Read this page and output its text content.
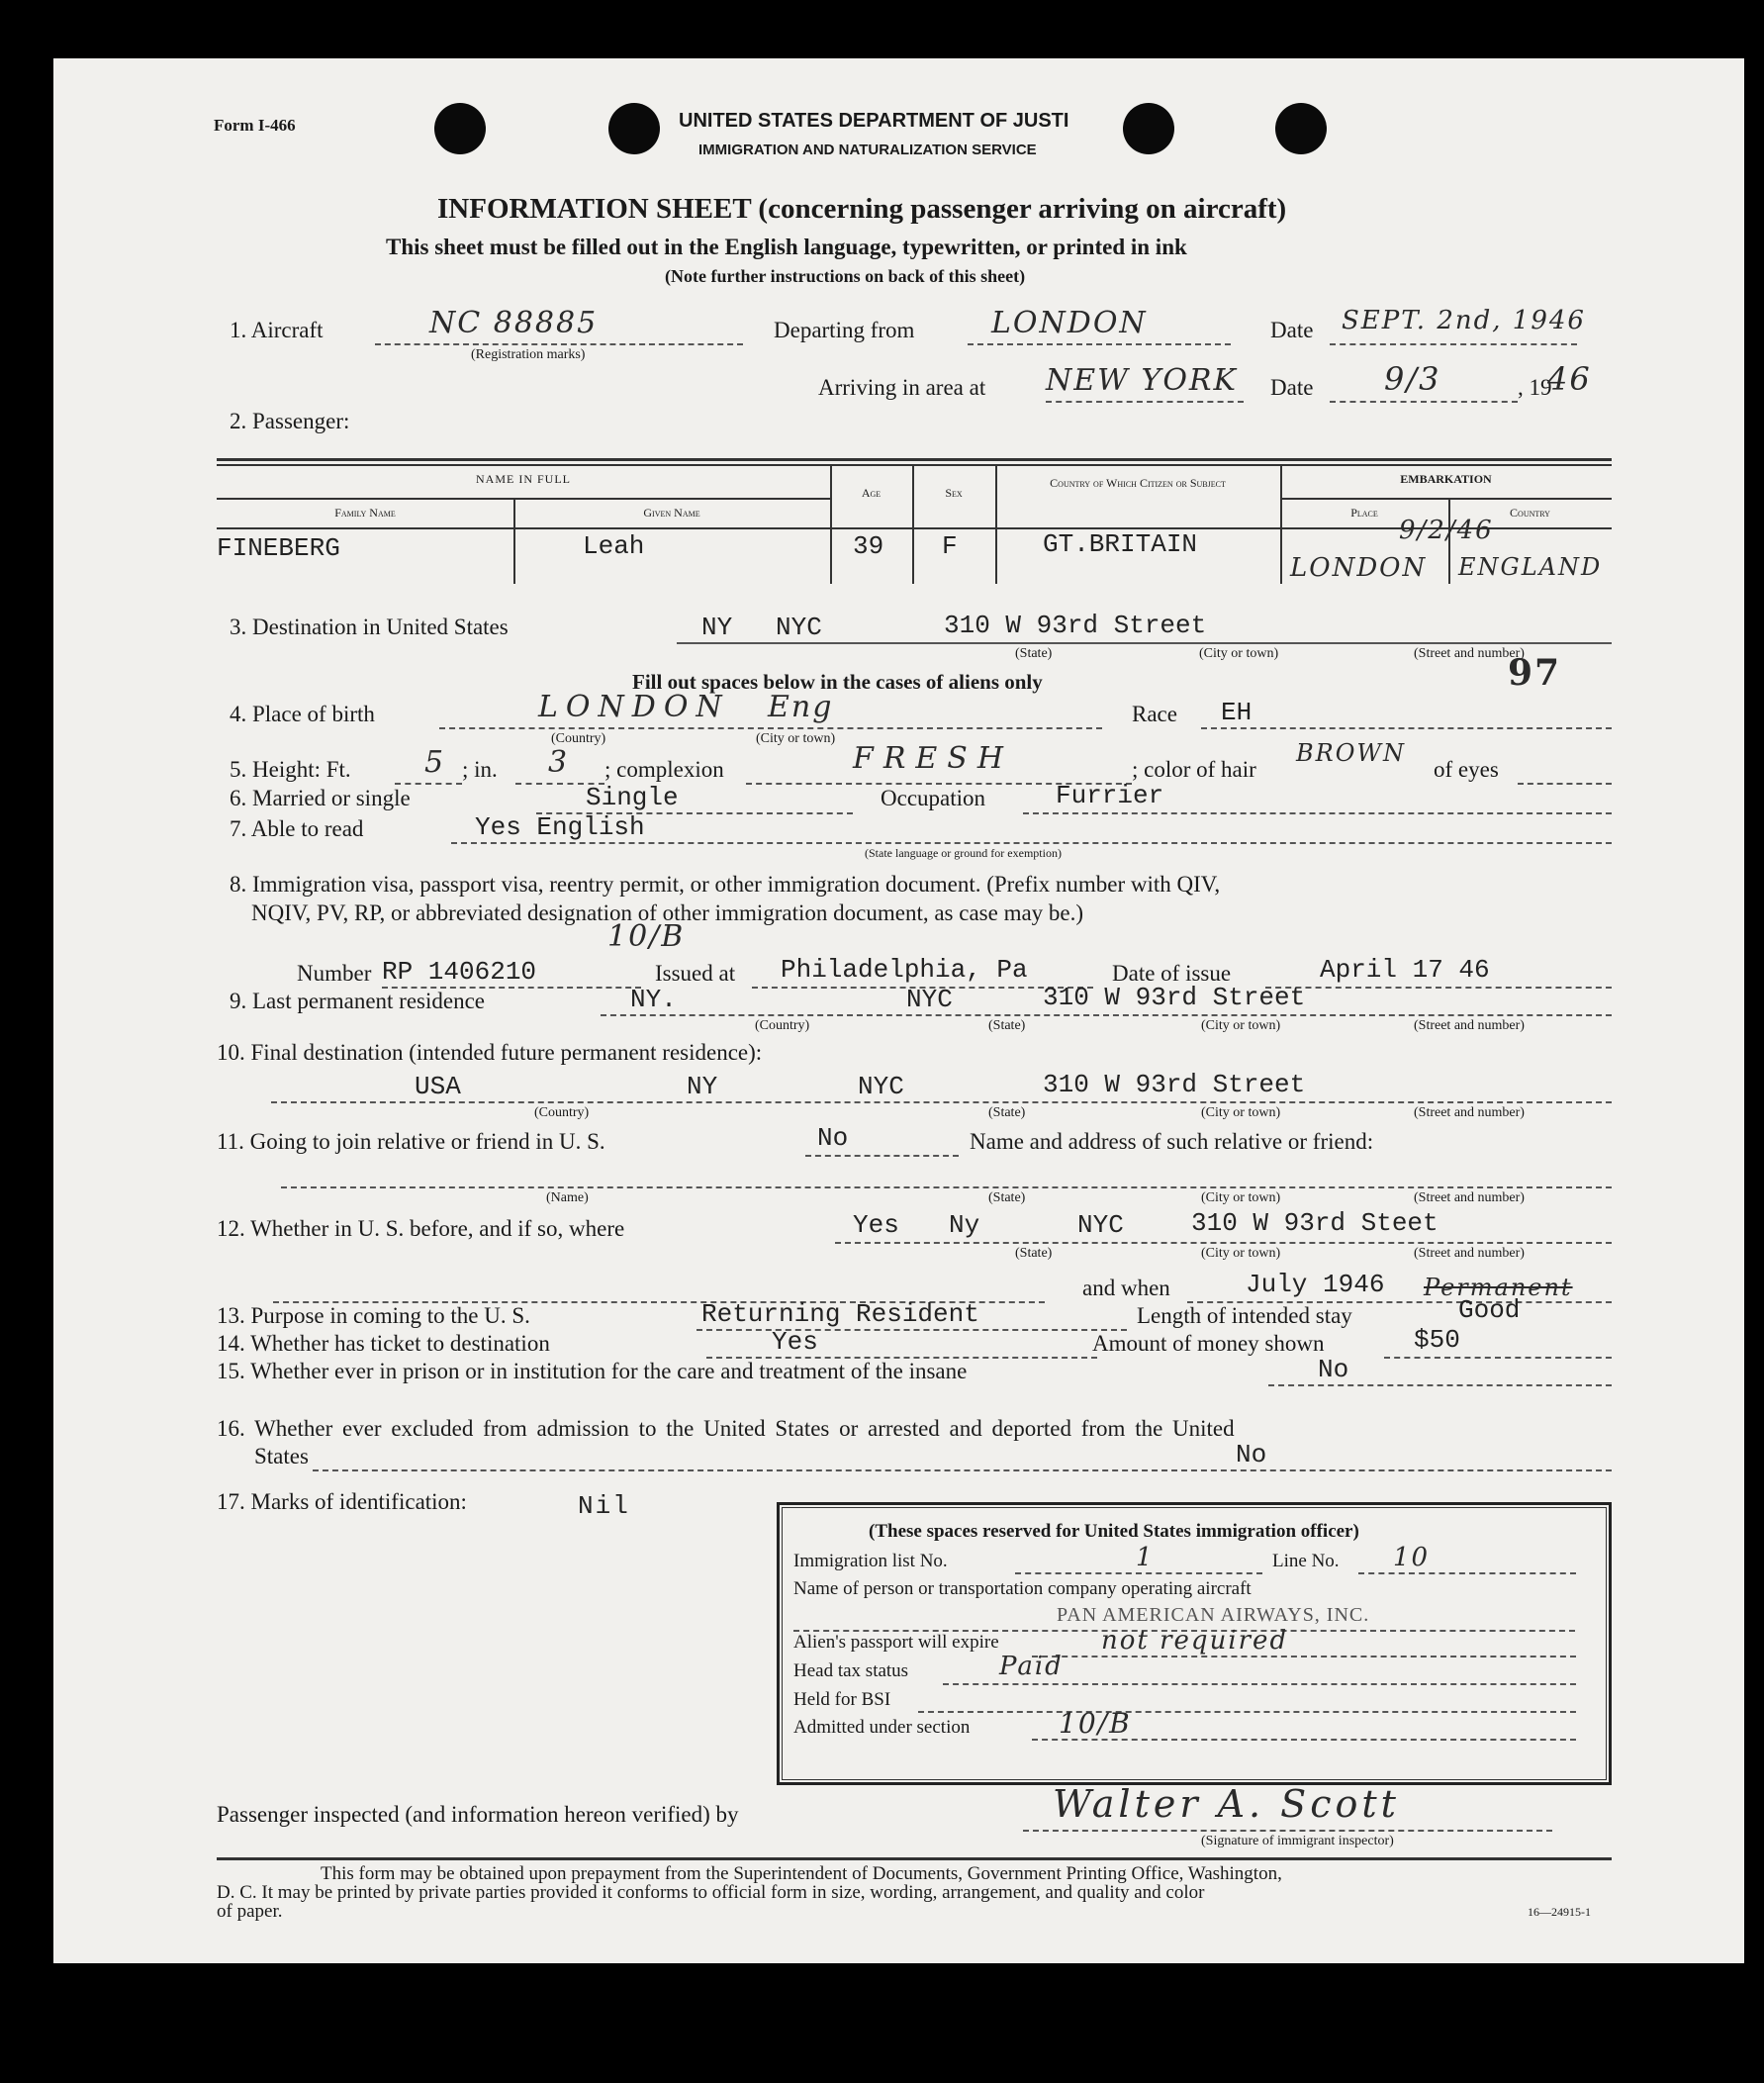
Form I-466	UNITED STATES DEPARTMENT OF JUSTI
IMMIGRATION AND NATURALIZATION SERVICE
INFORMATION SHEET (concerning passenger arriving on aircraft)
This sheet must be filled out in the English language, typewritten, or printed in ink
(Note further instructions on back of this sheet)
1. Aircraft	NC 88885
(Registration marks)
Departing from	LONDON	Date SEPT. 2nd, 1946
Arriving in area at NEW YORK Date 9/3	, 19
46
2. Passenger:
NAME IN FULL
Family Name	Given Name
Age	Sex
Country of Which Citizen or Subject	EMBARKATION
Place	Country
FINEBERG	Leah	39 F	GT.BRITAIN	9/2/46
LONDON ENGLAND
3. Destination in United States	NY NYC	310 W 93rd Street
(State)	(City or town)	(Street and number)
Fill out spaces below in the cases of aliens only	97
4. Place of birth	LONDON Eng
(Country)	(City or town)
Race EH
5. Height: Ft. 5 ; in. 3 ; complexion	FRESH	; color of hair
BROWN
of eyes
6. Married or single	Single	Occupation	Furrier
7. Able to read	Yes English
(State language or ground for exemption)
8. Immigration visa, passport visa, reentry permit, or other immigration document. (Prefix number with QIV,
NQIV, PV, RP, or abbreviated designation of other immigration document, as case may be.)
10/B
Number RP 1406210	Issued at Philadelphia, Pa	Date of issue	April 17 46
9. Last permanent residence	NY.	NYC	310 W 93rd Street
(Country)	(State)	(City or town)	(Street and number)
10. Final destination (intended future permanent residence):
USA	NY	NYC	310 W 93rd Street
(Country)	(State)	(City or town)	(Street and number)
11. Going to join relative or friend in U. S.	No	Name and address of such relative or friend:
(Name)	(State)	(City or town)	(Street and number)
12. Whether in U. S. before, and if so, where	Yes Ny	NYC	310 W 93rd Steet
(State)	(City or town)	(Street and number)
and when	July 1946 Permanent
13. Purpose in coming to the U. S.	Returning Resident	Length of intended stay	Good
14. Whether has ticket to destination	Yes	Amount of money shown	$50
15. Whether ever in prison or in institution for the care and treatment of the insane	No
16. Whether ever excluded from admission to the United States or arrested and deported from the United
States	No
17. Marks of identification:	Nil
(These spaces reserved for United States immigration officer)
Immigration list No.	1	Line No. 10
Name of person or transportation company operating aircraft
PAN AMERICAN AIRWAYS, INC.
Alien's passport will expire	not required
Head tax status	Paid
Held for BSI
Admitted under section	10/B
Passenger inspected (and information hereon verified) by	Walter A. Scott
(Signature of immigrant inspector)
This form may be obtained upon prepayment from the Superintendent of Documents, Government Printing Office, Washington,
D. C. It may be printed by private parties provided it conforms to official form in size, wording, arrangement, and quality and color
of paper.	16—24915-1
